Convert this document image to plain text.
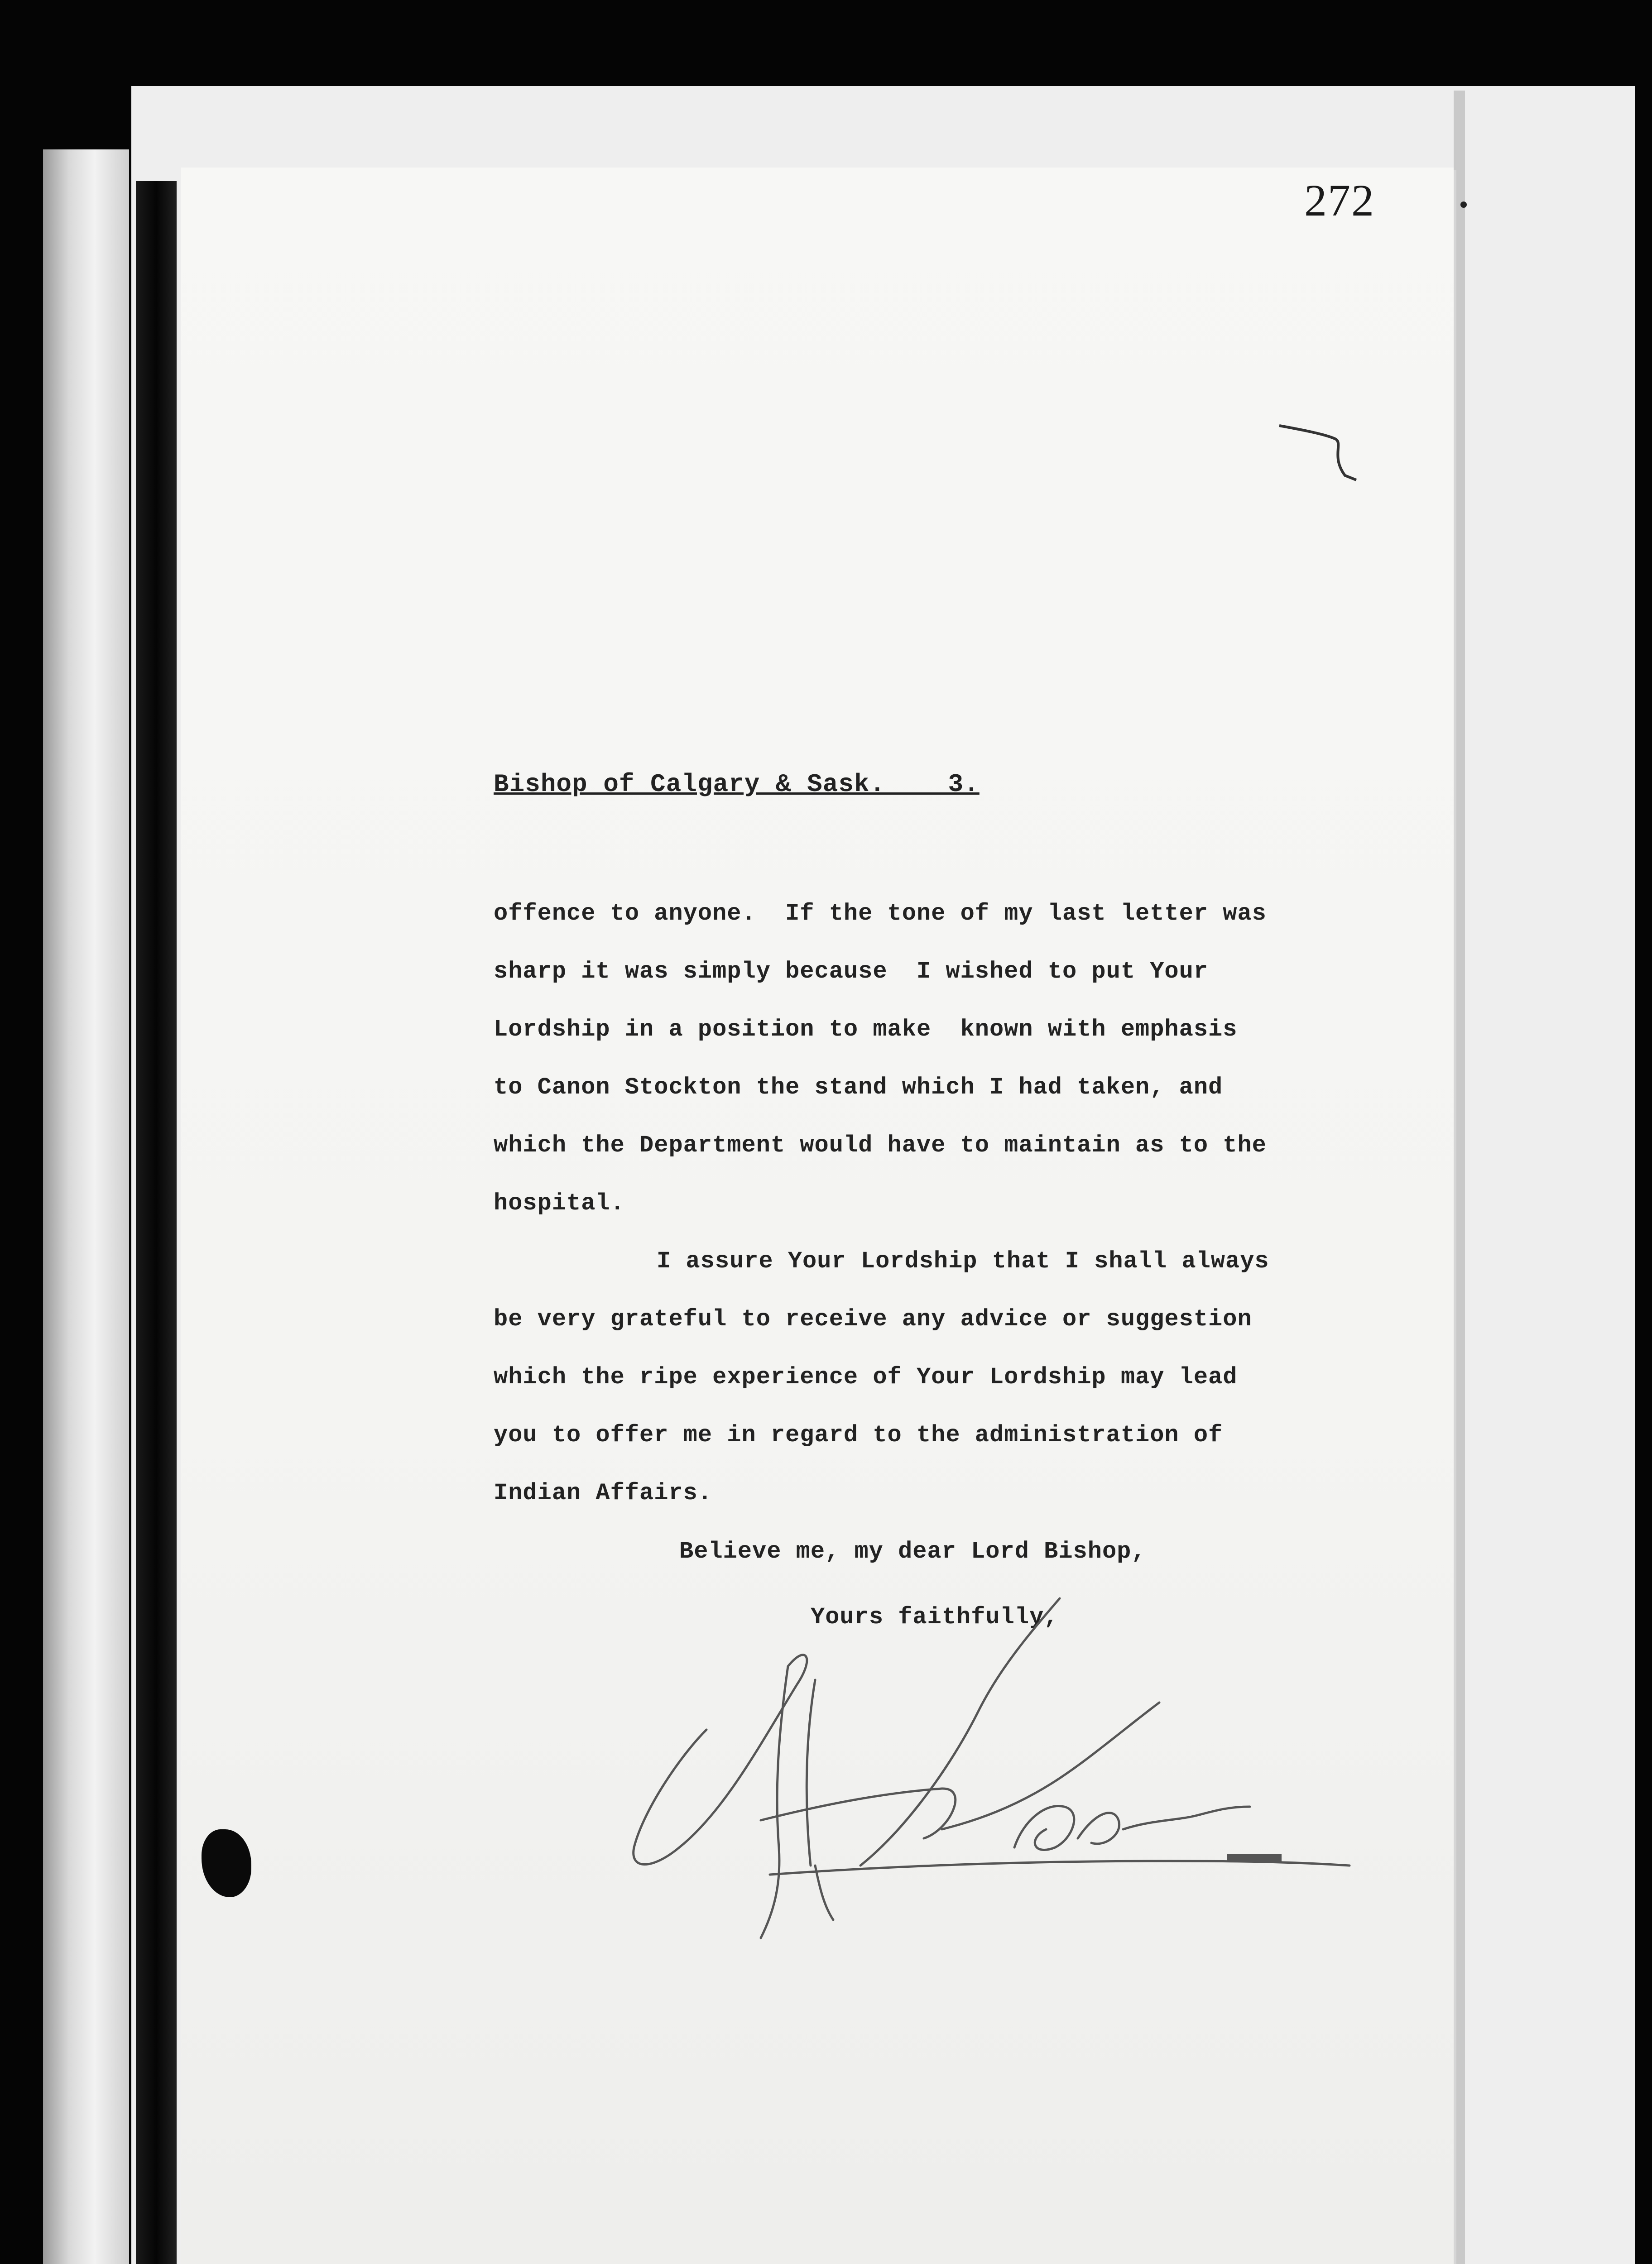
272
Bishop of Calgary & Sask.    3.
offence to anyone.  If the tone of my last letter was
sharp it was simply because  I wished to put Your
Lordship in a position to make  known with emphasis
to Canon Stockton the stand which I had taken, and
which the Department would have to maintain as to the
hospital.
I assure Your Lordship that I shall always
be very grateful to receive any advice or suggestion
which the ripe experience of Your Lordship may lead
you to offer me in regard to the administration of
Indian Affairs.
Believe me, my dear Lord Bishop,
Yours faithfully,
